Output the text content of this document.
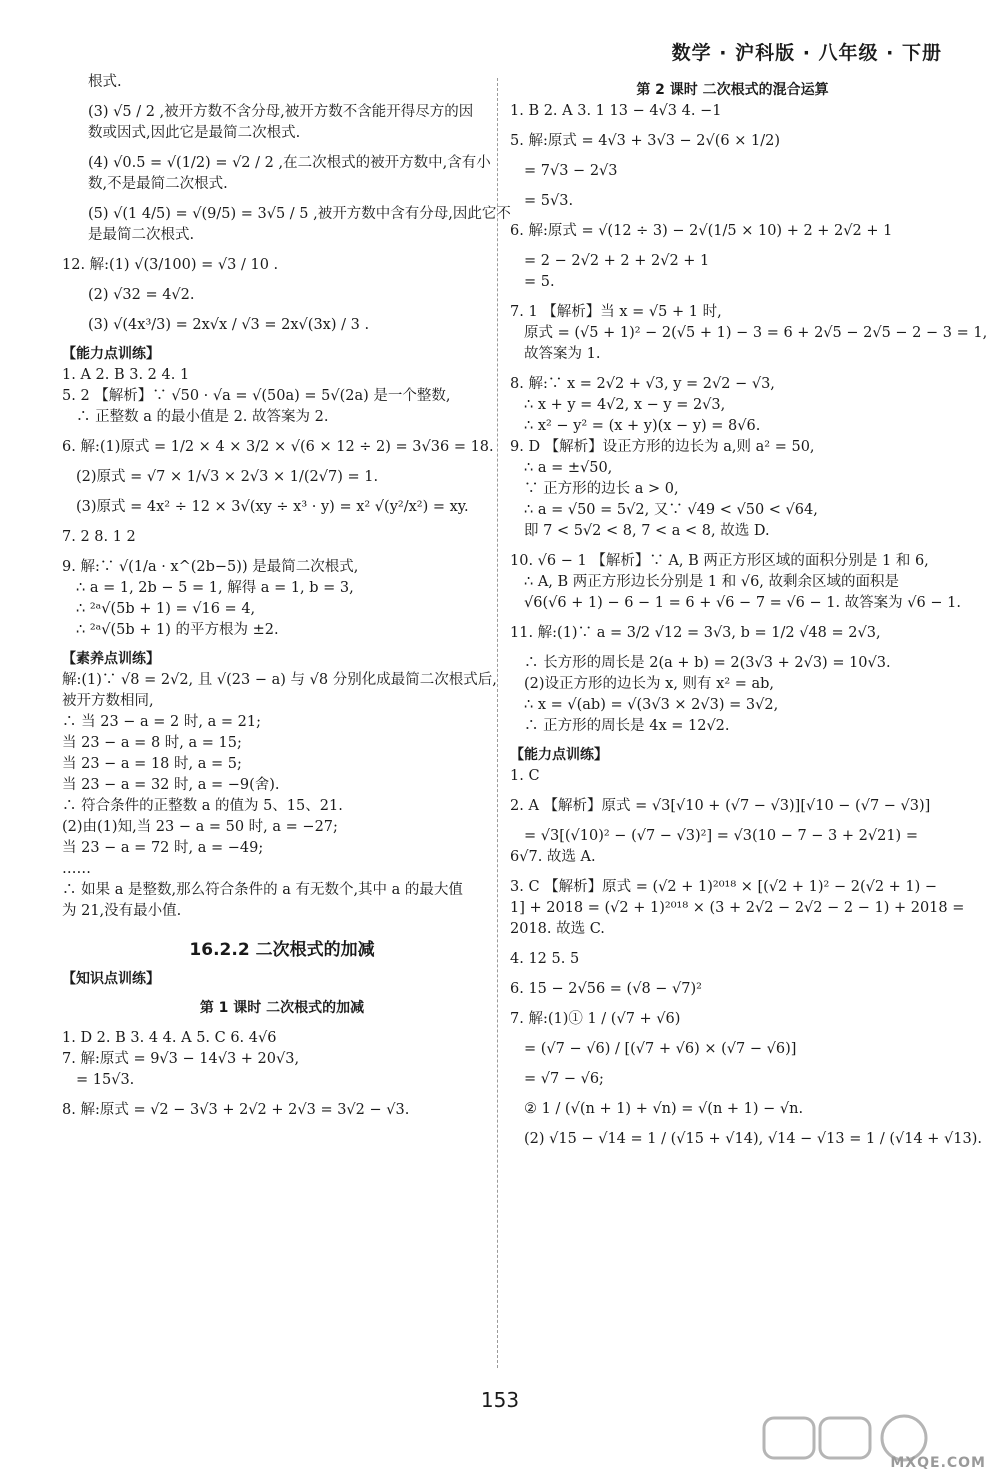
数学 · 沪科版 · 八年级 · 下册
根式.
(3) √5 / 2 ,被开方数不含分母,被开方数不含能开得尽方的因
数或因式,因此它是最简二次根式.
(4) √0.5 = √(1/2) = √2 / 2 ,在二次根式的被开方数中,含有小
数,不是最简二次根式.
(5) √(1 4/5) = √(9/5) = 3√5 / 5 ,被开方数中含有分母,因此它不
是最简二次根式.
12. 解:(1) √(3/100) = √3 / 10 .
(2) √32 = 4√2.
(3) √(4x³/3) = 2x√x / √3 = 2x√(3x) / 3 .
【能力点训练】
1. A 2. B 3. 2 4. 1
5. 2 【解析】∵ √50 · √a = √(50a) = 5√(2a) 是一个整数,
∴ 正整数 a 的最小值是 2. 故答案为 2.
6. 解:(1)原式 = 1/2 × 4 × 3/2 × √(6 × 12 ÷ 2) = 3√36 = 18.
(2)原式 = √7 × 1/√3 × 2√3 × 1/(2√7) = 1.
(3)原式 = 4x² ÷ 12 × 3√(xy ÷ x³ · y) = x² √(y²/x²) = xy.
7. 2 8. 1 2
9. 解:∵ √(1/a · x^(2b−5)) 是最简二次根式,
∴ a = 1, 2b − 5 = 1, 解得 a = 1, b = 3,
∴ ²ᵃ√(5b + 1) = √16 = 4,
∴ ²ᵃ√(5b + 1) 的平方根为 ±2.
【素养点训练】
解:(1)∵ √8 = 2√2, 且 √(23 − a) 与 √8 分别化成最简二次根式后,
被开方数相同,
∴ 当 23 − a = 2 时, a = 21;
当 23 − a = 8 时, a = 15;
当 23 − a = 18 时, a = 5;
当 23 − a = 32 时, a = −9(舍).
∴ 符合条件的正整数 a 的值为 5、15、21.
(2)由(1)知,当 23 − a = 50 时, a = −27;
当 23 − a = 72 时, a = −49;
……
∴ 如果 a 是整数,那么符合条件的 a 有无数个,其中 a 的最大值
为 21,没有最小值.
16.2.2 二次根式的加减
【知识点训练】
第 1 课时 二次根式的加减
1. D 2. B 3. 4 4. A 5. C 6. 4√6
7. 解:原式 = 9√3 − 14√3 + 20√3,
= 15√3.
8. 解:原式 = √2 − 3√3 + 2√2 + 2√3 = 3√2 − √3.
第 2 课时 二次根式的混合运算
1. B 2. A 3. 1 13 − 4√3 4. −1
5. 解:原式 = 4√3 + 3√3 − 2√(6 × 1/2)
= 7√3 − 2√3
= 5√3.
6. 解:原式 = √(12 ÷ 3) − 2√(1/5 × 10) + 2 + 2√2 + 1
= 2 − 2√2 + 2 + 2√2 + 1
= 5.
7. 1 【解析】当 x = √5 + 1 时,
原式 = (√5 + 1)² − 2(√5 + 1) − 3 = 6 + 2√5 − 2√5 − 2 − 3 = 1,
故答案为 1.
8. 解:∵ x = 2√2 + √3, y = 2√2 − √3,
∴ x + y = 4√2, x − y = 2√3,
∴ x² − y² = (x + y)(x − y) = 8√6.
9. D 【解析】设正方形的边长为 a,则 a² = 50,
∴ a = ±√50,
∵ 正方形的边长 a > 0,
∴ a = √50 = 5√2, 又∵ √49 < √50 < √64,
即 7 < 5√2 < 8, 7 < a < 8, 故选 D.
10. √6 − 1 【解析】∵ A, B 两正方形区域的面积分别是 1 和 6,
∴ A, B 两正方形边长分别是 1 和 √6, 故剩余区域的面积是
√6(√6 + 1) − 6 − 1 = 6 + √6 − 7 = √6 − 1. 故答案为 √6 − 1.
11. 解:(1)∵ a = 3/2 √12 = 3√3, b = 1/2 √48 = 2√3,
∴ 长方形的周长是 2(a + b) = 2(3√3 + 2√3) = 10√3.
(2)设正方形的边长为 x, 则有 x² = ab,
∴ x = √(ab) = √(3√3 × 2√3) = 3√2,
∴ 正方形的周长是 4x = 12√2.
【能力点训练】
1. C
2. A 【解析】原式 = √3[√10 + (√7 − √3)][√10 − (√7 − √3)]
= √3[(√10)² − (√7 − √3)²] = √3(10 − 7 − 3 + 2√21) =
6√7. 故选 A.
3. C 【解析】原式 = (√2 + 1)²⁰¹⁸ × [(√2 + 1)² − 2(√2 + 1) −
1] + 2018 = (√2 + 1)²⁰¹⁸ × (3 + 2√2 − 2√2 − 2 − 1) + 2018 =
2018. 故选 C.
4. 12 5. 5
6. 15 − 2√56 = (√8 − √7)²
7. 解:(1)① 1 / (√7 + √6)
= (√7 − √6) / [(√7 + √6) × (√7 − √6)]
= √7 − √6;
② 1 / (√(n + 1) + √n) = √(n + 1) − √n.
(2) √15 − √14 = 1 / (√15 + √14), √14 − √13 = 1 / (√14 + √13).
153
MXQE.COM
